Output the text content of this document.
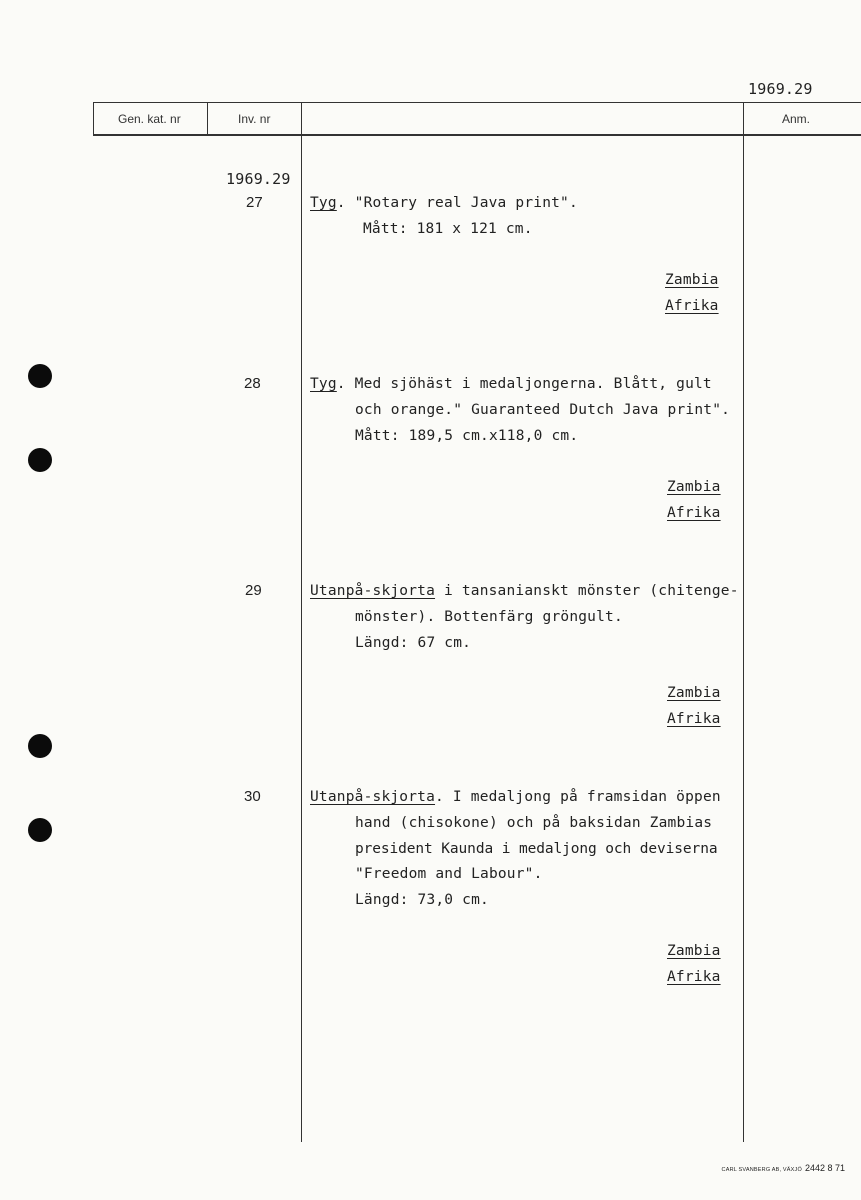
1969.29
Gen. kat. nr	Inv. nr	Anm.
1969.29
27	Tyg. "Rotary real Java print".
Mått: 181 x 121 cm.
Zambia
Afrika
28	Tyg. Med sjöhäst i medaljongerna. Blått, gult
och orange." Guaranteed Dutch Java print".
Mått: 189,5 cm.x118,0 cm.
Zambia
Afrika
29	Utanpå-skjorta i tansanianskt mönster (chitenge-
mönster). Bottenfärg gröngult.
Längd: 67 cm.
Zambia
Afrika
30	Utanpå-skjorta. I medaljong på framsidan öppen
hand (chisokone) och på baksidan Zambias
president Kaunda i medaljong och deviserna
"Freedom and Labour".
Längd: 73,0 cm.
Zambia
Afrika
CARL SVANBERG AB, VÄXJÖ 2442 8 71
